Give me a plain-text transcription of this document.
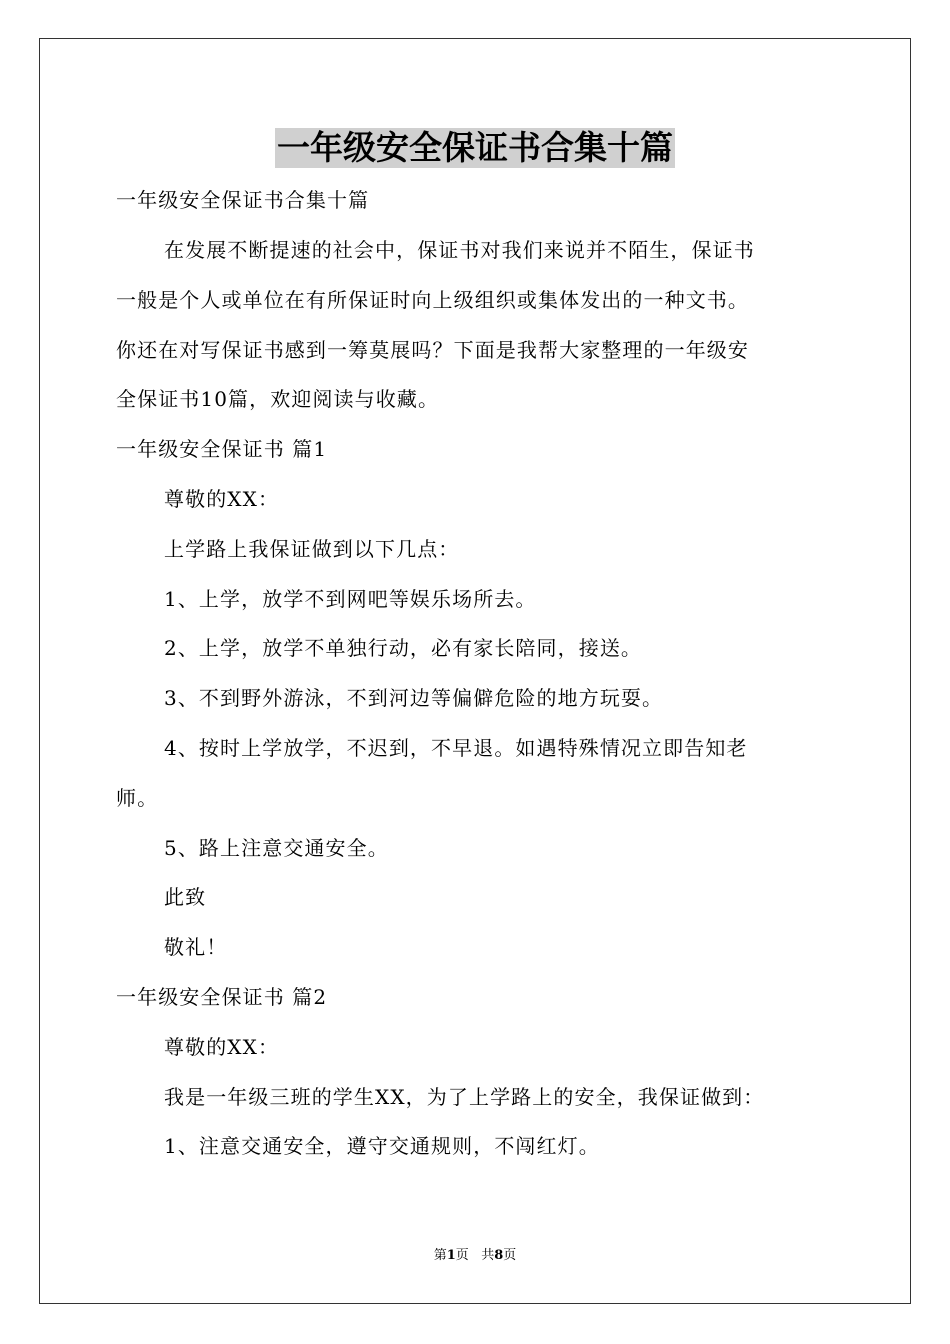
一年级安全保证书合集十篇
一年级安全保证书合集十篇
在发展不断提速的社会中，保证书对我们来说并不陌生，保证书
一般是个人或单位在有所保证时向上级组织或集体发出的一种文书。
你还在对写保证书感到一筹莫展吗？下面是我帮大家整理的一年级安
全保证书10篇，欢迎阅读与收藏。
一年级安全保证书 篇1
尊敬的XX：
上学路上我保证做到以下几点：
1、上学，放学不到网吧等娱乐场所去。
2、上学，放学不单独行动，必有家长陪同，接送。
3、不到野外游泳，不到河边等偏僻危险的地方玩耍。
4、按时上学放学，不迟到，不早退。如遇特殊情况立即告知老
师。
5、路上注意交通安全。
此致
敬礼！
一年级安全保证书 篇2
尊敬的XX：
我是一年级三班的学生XX，为了上学路上的安全，我保证做到：
1、注意交通安全，遵守交通规则，不闯红灯。
第1页 共8页
